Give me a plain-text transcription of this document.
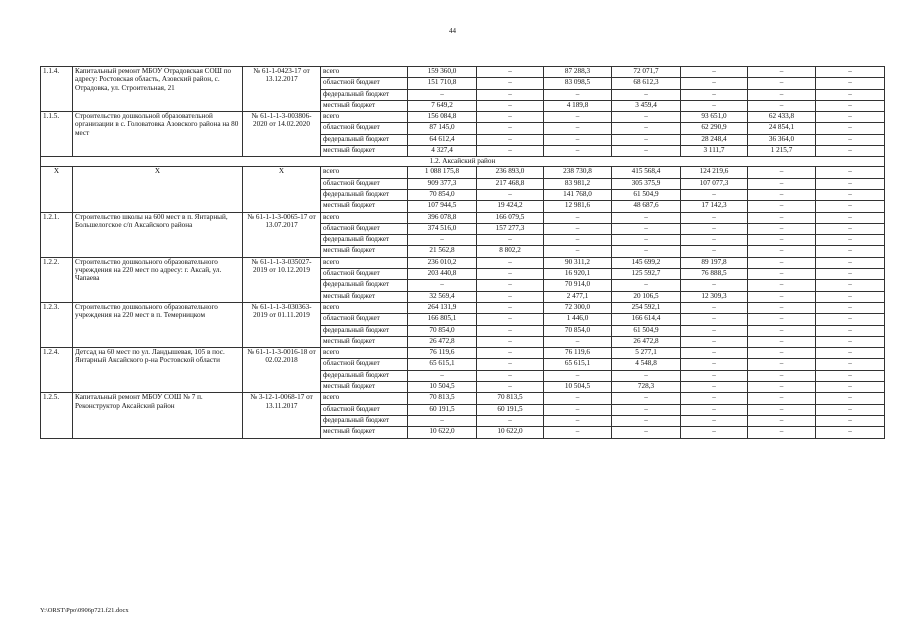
44
1.1.4.	Капитальный ремонт МБОУ Отрадовская СОШ по адресу: Ростовская область, Азовский район, с. Отрадовка, ул. Строительная, 21	№ 61-1-0423-17 от 13.12.2017	всего	159 360,0	–	87 288,3	72 071,7	–	–	–
			областной бюджет	151 710,8	–	83 098,5	68 612,3	–	–	–

			федеральный бюджет	–	–	–	–	–	–	–

			местный бюджет	7 649,2	–	4 189,8	3 459,4	–	–	–
1.1.5.	Строительство дошкольной образовательной организации в с. Головатовка Азовского района на 80 мест	№ 61-1-1-3-003806-2020 от 14.02.2020	всего	156 084,8	–	–	–	93 651,0	62 433,8	–
			областной бюджет	87 145,0	–	–	–	62 290,9	24 854,1	–

			федеральный бюджет	64 612,4	–	–	–	28 248,4	36 364,0	–

			местный бюджет	4 327,4	–	–	–	3 111,7	1 215,7	–
1.2. Аксайский район										
Х	Х	Х	всего	1 088 175,8	236 893,0	238 730,8	415 568,4	124 219,6	–	–
			областной бюджет	909 377,3	217 468,8	83 981,2	305 375,9	107 077,3	–	–

			федеральный бюджет	70 854,0	–	141 768,0	61 504,9	–	–	–

			местный бюджет	107 944,5	19 424,2	12 981,6	48 687,6	17 142,3	–	–
1.2.1.	Строительство школы на 600 мест в п. Янтарный, Большелогское с/п Аксайского района	№ 61-1-1-3-0065-17 от 13.07.2017	всего	396 078,8	166 079,5	–	–	–	–	–
			областной бюджет	374 516,0	157 277,3	–	–	–	–	–

			федеральный бюджет	–	–	–	–	–	–	–

			местный бюджет	21 562,8	8 802,2	–	–	–	–	–
1.2.2.	Строительство дошкольного образовательного учреждения на 220 мест по адресу: г. Аксай, ул. Чапаева	№ 61-1-1-3-035027-2019 от 10.12.2019	всего	236 010,2	–	90 311,2	145 699,2	89 197,8	–	–
			областной бюджет	203 440,8	–	16 920,1	125 592,7	76 888,5	–	–

			федеральный бюджет	–	–	70 914,0	–	–	–	–

			местный бюджет	32 569,4	–	2 477,1	20 106,5	12 309,3	–	–
1.2.3.	Строительство дошкольного образовательного учреждения на 220 мест в п. Темерницком	№ 61-1-1-3-030363-2019 от 01.11.2019	всего	264 131,9	–	72 300,0	254 592,1	–	–	–
			областной бюджет	166 805,1	–	1 446,0	166 614,4	–	–	–

			федеральный бюджет	70 854,0	–	70 854,0	61 504,9	–	–	–

			местный бюджет	26 472,8	–	–	26 472,8	–	–	–
1.2.4.	Детсад на 60 мест по ул. Ландышевая, 105 в пос. Янтарный Аксайского р-на Ростовской области	№ 61-1-1-3-0016-18 от 02.02.2018	всего	76 119,6	–	76 119,6	5 277,1	–	–	–
			областной бюджет	65 615,1	–	65 615,1	4 548,8	–	–	–

			федеральный бюджет	–	–	–	–	–	–	–

			местный бюджет	10 504,5	–	10 504,5	728,3	–	–	–
1.2.5.	Капитальный ремонт МБОУ СОШ № 7 п. Реконструктор Аксайский район	№ 3-12-1-0068-17 от 13.11.2017	всего	70 813,5	70 813,5	–	–	–	–	–
			областной бюджет	60 191,5	60 191,5	–	–	–	–	–

			федеральный бюджет	–	–	–	–	–	–	–

			местный бюджет	10 622,0	10 622,0	–	–	–	–	–
Y:\ORST\Ppo\0906p721.f21.docx
